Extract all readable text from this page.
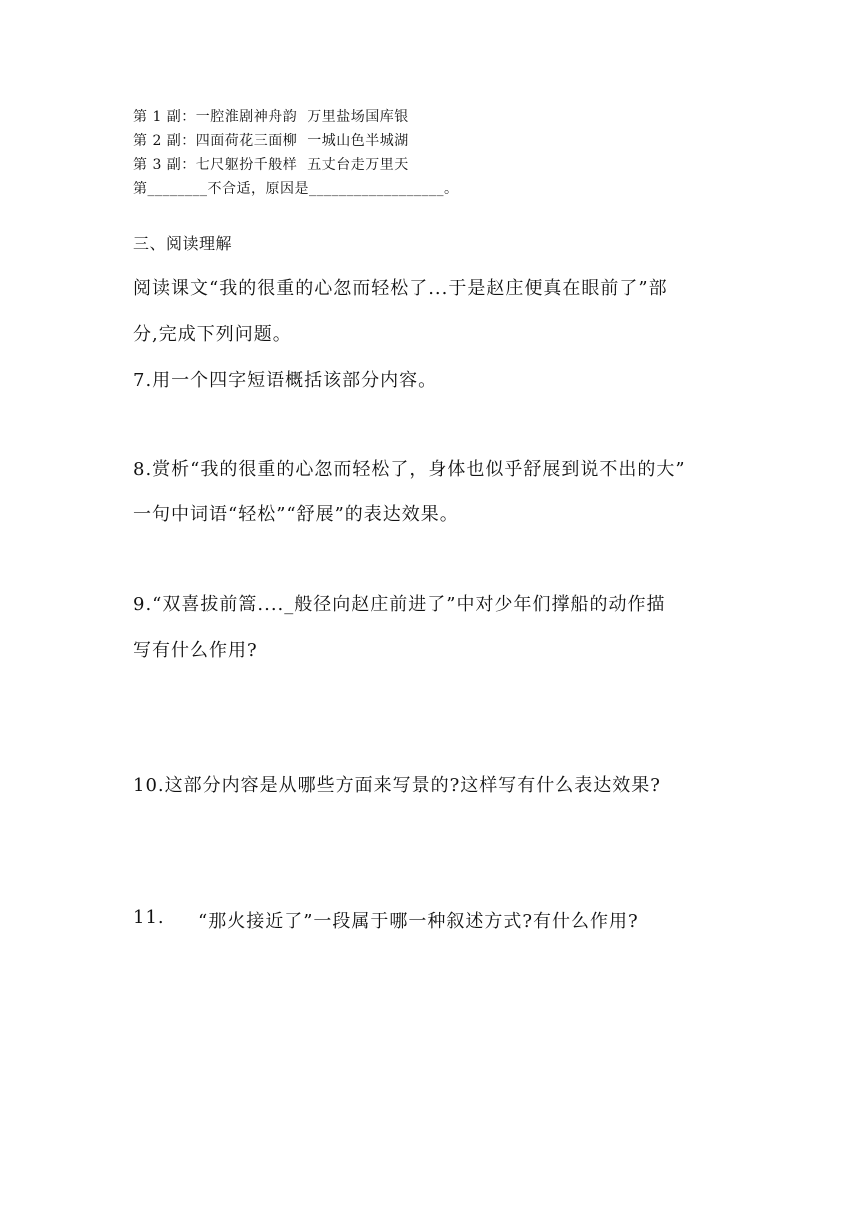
第 1 副：一腔淮剧神舟韵  万里盐场国库银
第 2 副：四面荷花三面柳  一城山色半城湖
第 3 副：七尺躯扮千般样  五丈台走万里天
第________不合适，原因是__________________。
三、阅读理解
阅读课文“我的很重的心忽而轻松了...于是赵庄便真在眼前了”部
分,完成下列问题。
7.用一个四字短语概括该部分内容。
8.赏析“我的很重的心忽而轻松了，身体也似乎舒展到说不出的大”
一句中词语“轻松”“舒展”的表达效果。
9.“双喜拔前篙...._般径向赵庄前进了”中对少年们撑船的动作描
写有什么作用?
10.这部分内容是从哪些方面来写景的?这样写有什么表达效果?
11. “那火接近了”一段属于哪一种叙述方式?有什么作用?
